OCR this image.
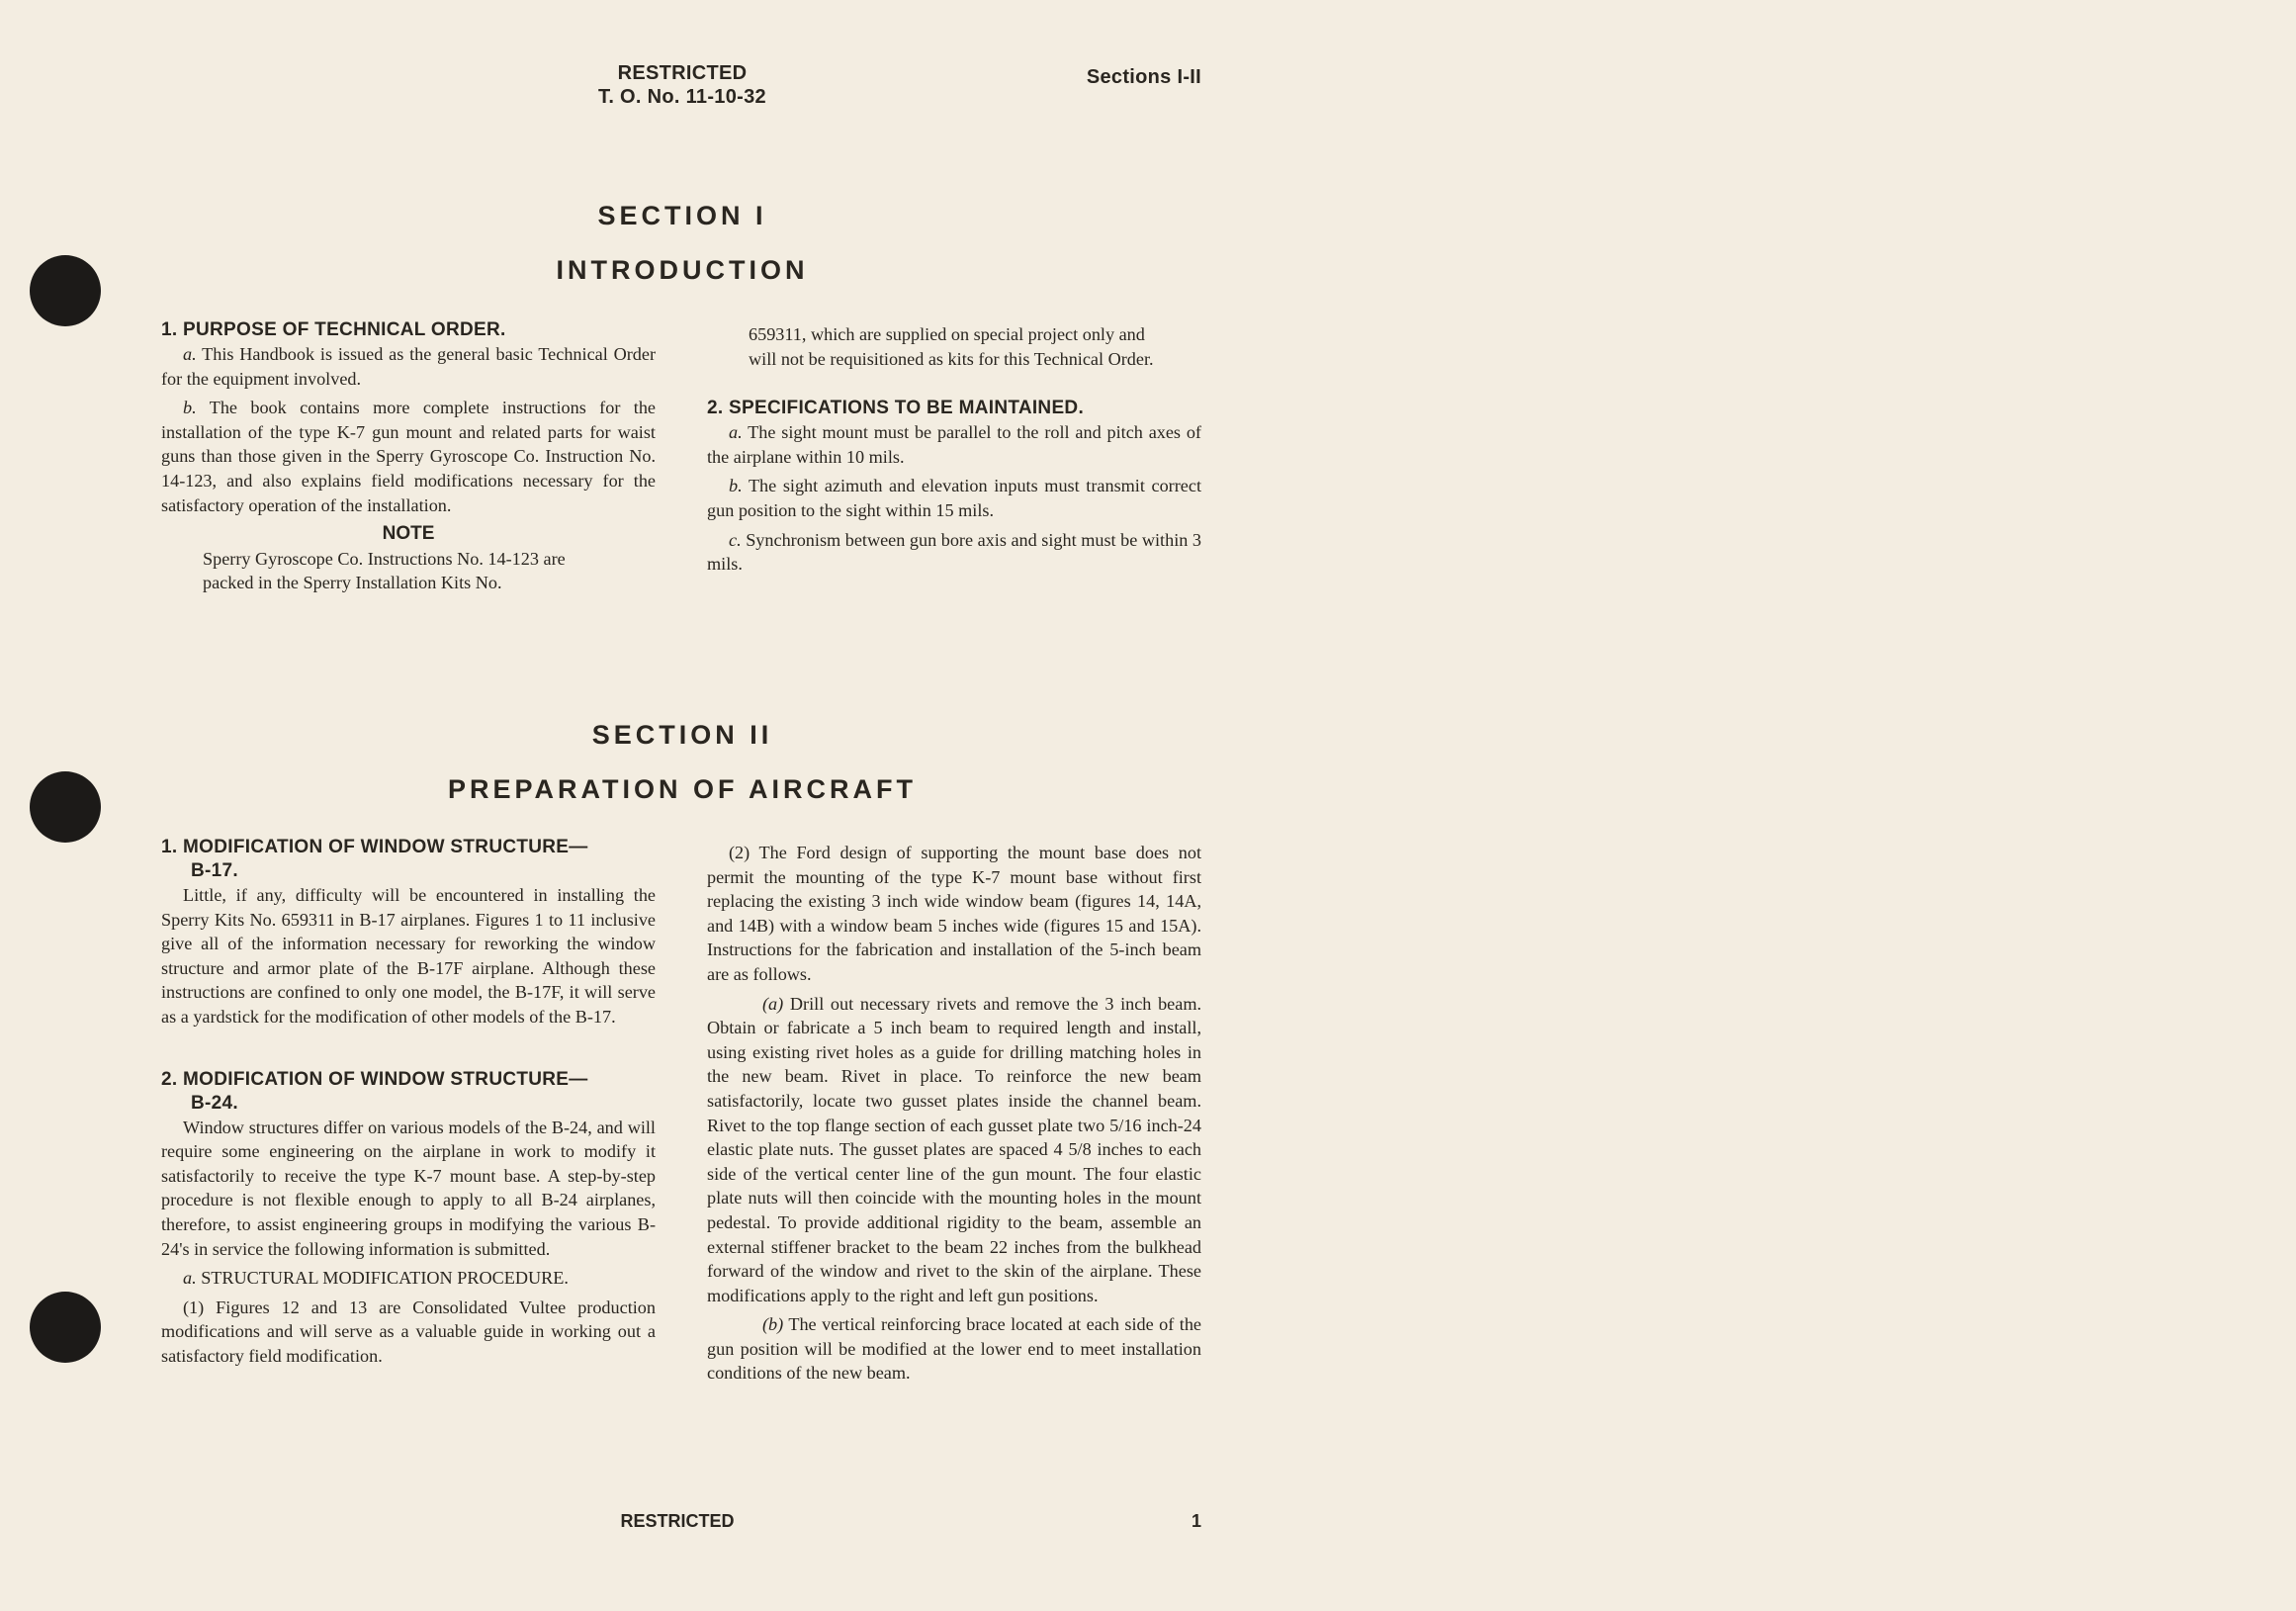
RESTRICTED
T. O. No. 11-10-32
Sections I-II
SECTION I
INTRODUCTION

1. PURPOSE OF TECHNICAL ORDER.

a. This Handbook is issued as the general basic Technical Order for the equipment involved.

b. The book contains more complete instructions for the installation of the type K-7 gun mount and related parts for waist guns than those given in the Sperry Gyroscope Co. Instruction No. 14-123, and also explains field modifications necessary for the satisfactory operation of the installation.

NOTE

Sperry Gyroscope Co. Instructions No. 14-123 are packed in the Sperry Installation Kits No.

659311, which are supplied on special project only and will not be requisitioned as kits for this Technical Order.

2. SPECIFICATIONS TO BE MAINTAINED.

a. The sight mount must be parallel to the roll and pitch axes of the airplane within 10 mils.

b. The sight azimuth and elevation inputs must transmit correct gun position to the sight within 15 mils.

c. Synchronism between gun bore axis and sight must be within 3 mils.

SECTION II
PREPARATION OF AIRCRAFT

1. MODIFICATION OF WINDOW STRUCTURE—
B-17.

Little, if any, difficulty will be encountered in installing the Sperry Kits No. 659311 in B-17 airplanes. Figures 1 to 11 inclusive give all of the information necessary for reworking the window structure and armor plate of the B-17F airplane. Although these instructions are confined to only one model, the B-17F, it will serve as a yardstick for the modification of other models of the B-17.

2. MODIFICATION OF WINDOW STRUCTURE—
B-24.

Window structures differ on various models of the B-24, and will require some engineering on the airplane in work to modify it satisfactorily to receive the type K-7 mount base. A step-by-step procedure is not flexible enough to apply to all B-24 airplanes, therefore, to assist engineering groups in modifying the various B-24's in service the following information is submitted.

a. STRUCTURAL MODIFICATION PROCEDURE.

(1) Figures 12 and 13 are Consolidated Vultee production modifications and will serve as a valuable guide in working out a satisfactory field modification.

(2) The Ford design of supporting the mount base does not permit the mounting of the type K-7 mount base without first replacing the existing 3 inch wide window beam (figures 14, 14A, and 14B) with a window beam 5 inches wide (figures 15 and 15A). Instructions for the fabrication and installation of the 5-inch beam are as follows.

(a) Drill out necessary rivets and remove the 3 inch beam. Obtain or fabricate a 5 inch beam to required length and install, using existing rivet holes as a guide for drilling matching holes in the new beam. Rivet in place. To reinforce the new beam satisfactorily, locate two gusset plates inside the channel beam. Rivet to the top flange section of each gusset plate two 5/16 inch-24 elastic plate nuts. The gusset plates are spaced 4 5/8 inches to each side of the vertical center line of the gun mount. The four elastic plate nuts will then coincide with the mounting holes in the mount pedestal. To provide additional rigidity to the beam, assemble an external stiffener bracket to the beam 22 inches from the bulkhead forward of the window and rivet to the skin of the airplane. These modifications apply to the right and left gun positions.

(b) The vertical reinforcing brace located at each side of the gun position will be modified at the lower end to meet installation conditions of the new beam.

RESTRICTED	1
